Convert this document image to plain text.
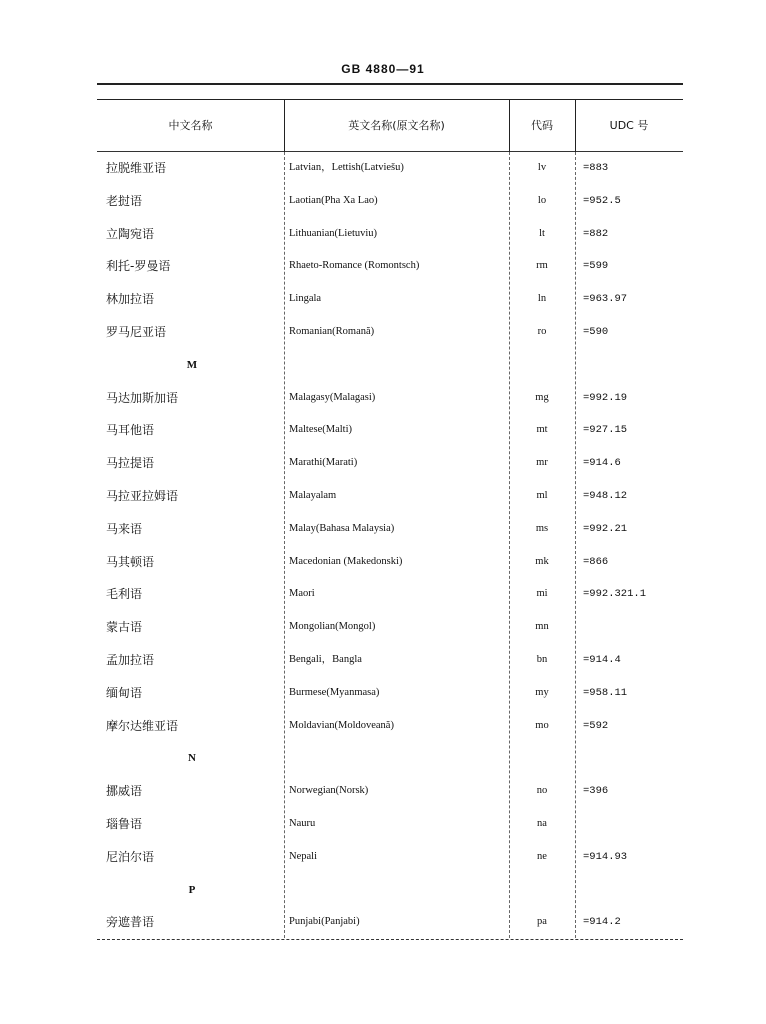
GB 4880—91
中文名称	英文名称(原文名称)	代码	UDC 号
拉脱维亚语	Latvian，Lettish(Latviešu)	lv	=883
老挝语	Laotian(Pha Xa Lao)	lo	=952.5
立陶宛语	Lithuanian(Lietuviu)	lt	=882
利托-罗曼语	Rhaeto-Romance (Romontsch)	rm	=599
林加拉语	Lingala	ln	=963.97
罗马尼亚语	Romanian(Romană)	ro	=590
M
马达加斯加语	Malagasy(Malagasi)	mg	=992.19
马耳他语	Maltese(Malti)	mt	=927.15
马拉提语	Marathi(Marati)	mr	=914.6
马拉亚拉姆语	Malayalam	ml	=948.12
马来语	Malay(Bahasa Malaysia)	ms	=992.21
马其顿语	Macedonian (Makedonski)	mk	=866
毛利语	Maori	mi	=992.321.1
蒙古语	Mongolian(Mongol)	mn
孟加拉语	Bengali，Bangla	bn	=914.4
缅甸语	Burmese(Myanmasa)	my	=958.11
摩尔达维亚语	Moldavian(Moldoveană)	mo	=592
N
挪威语	Norwegian(Norsk)	no	=396
瑙鲁语	Nauru	na
尼泊尔语	Nepali	ne	=914.93
P
旁遮普语	Punjabi(Panjabi)	pa	=914.2
